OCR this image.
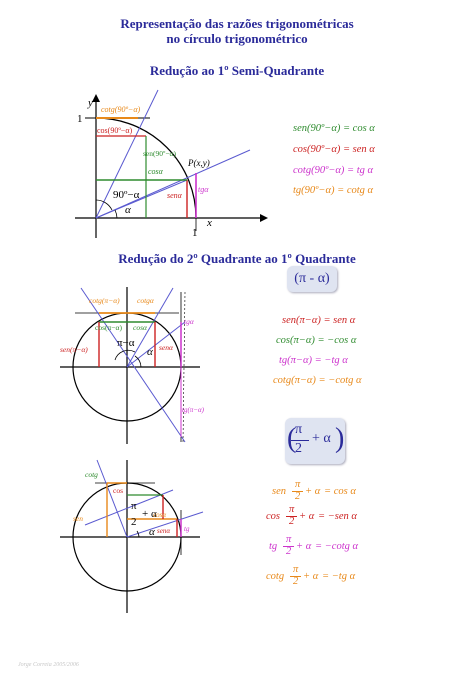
Representação das razões trigonométricas
no círculo trigonométrico
Redução ao 1º Semi-Quadrante
y
x
1
1
cotg(90º−α)
cos(90º−α)
sen(90º−α)
cosα
senα
tgα
P(x,y)
90º−α
α
sen(90º−α) = cos α
cos(90º−α) = sen α
cotg(90º−α) = tg α
tg(90º−α) = cotg α
Redução do 2º Quadrante ao 1º Quadrante
(π - α)
cotg(π−α) cotgα
cos(π−α) cosα
sen(π−α)	senα
tgα
tg(π−α)
π−α
α
sen(π−α) = sen α
cos(π−α) = −cos α
tg(π−α) = −tg α
cotg(π−α) = −cotg α
π
2
+ α
( )
cotg
cos
sen
tg
π
2
+ α
α
cosα
senα
sen
π
2 + α = cos α
cos
π
2 + α = −sen α
tg
π
2 + α = −cotg α
cotg
π
2 + α = −tg α
Jorge Correia 2005/2006
